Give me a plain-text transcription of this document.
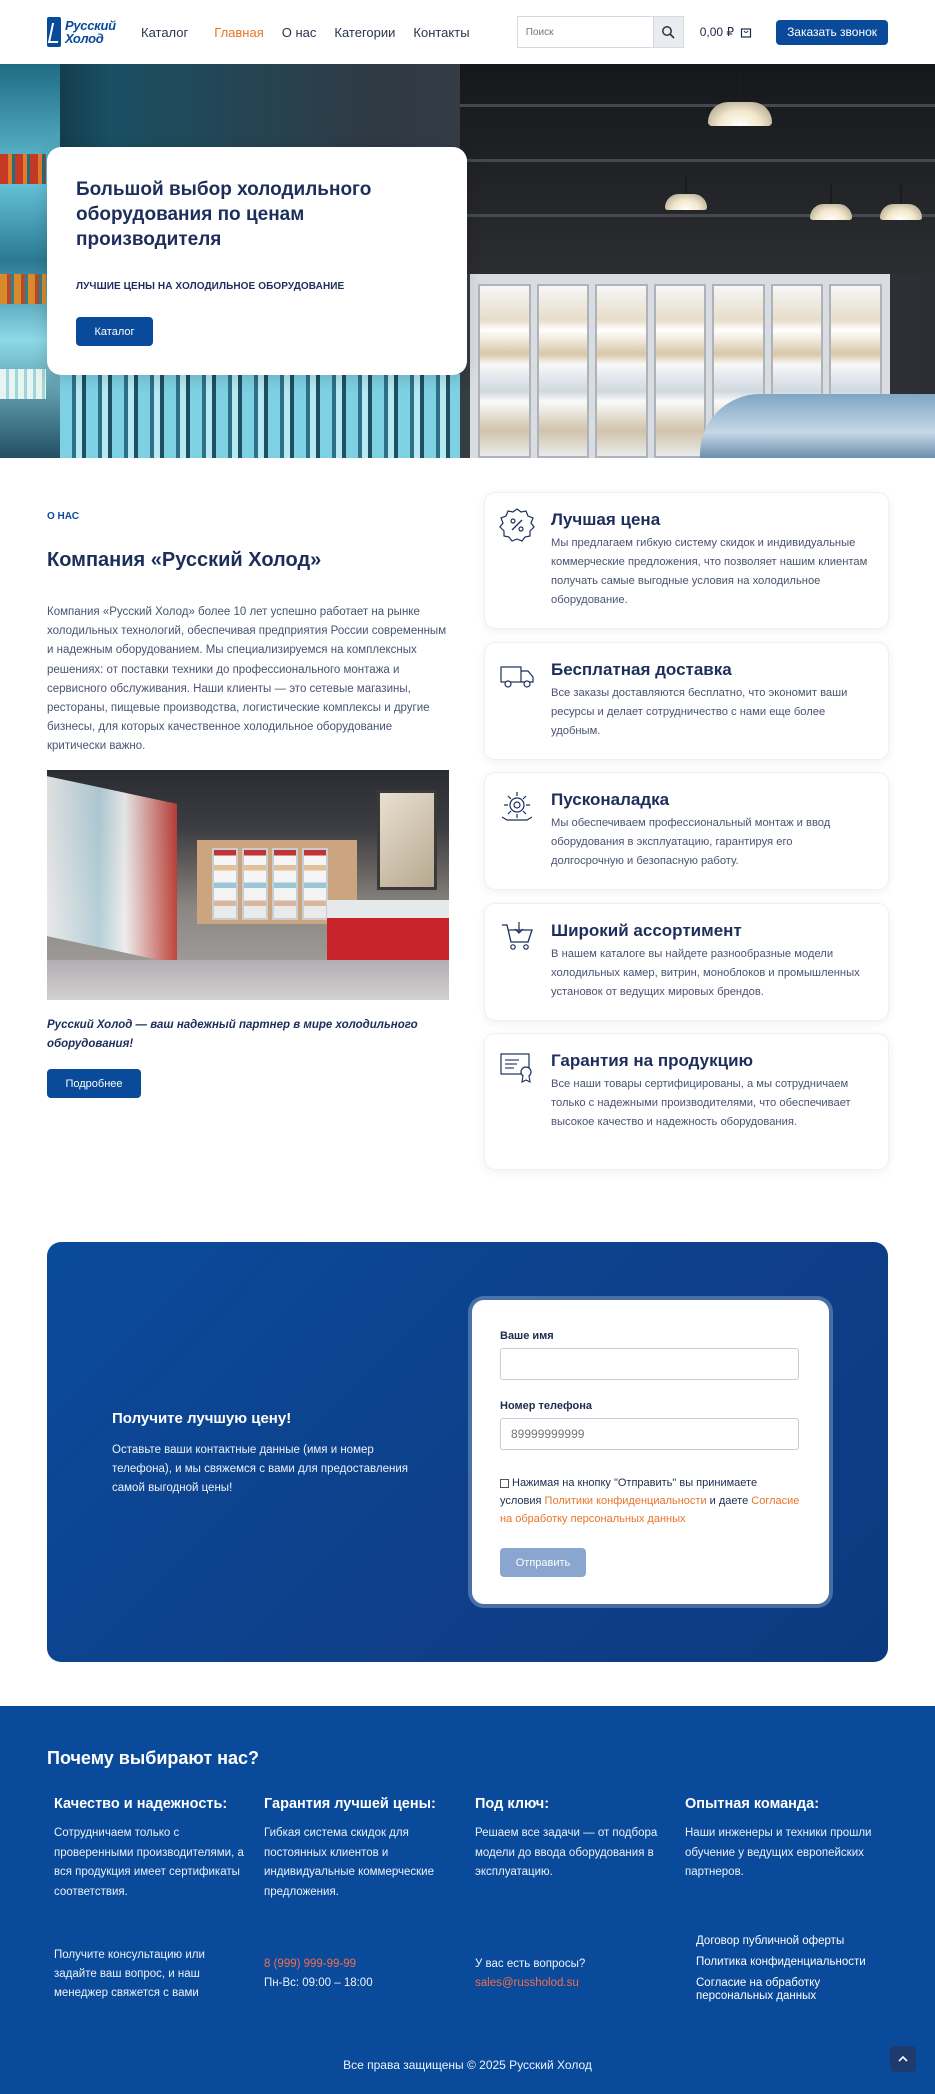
Русский
Холод	Каталог Главная О нас Категории Контакты
Поиск	0,00 ₽	Заказать звонок
Большой выбор холодильного оборудования по ценам производителя
ЛУЧШИЕ ЦЕНЫ НА ХОЛОДИЛЬНОЕ ОБОРУДОВАНИЕ
Каталог
О НАС
Компания «Русский Холод»
Компания «Русский Холод» более 10 лет успешно работает на рынке холодильных технологий, обеспечивая предприятия России современным и надежным оборудованием. Мы специализируемся на комплексных решениях: от поставки техники до профессионального монтажа и сервисного обслуживания. Наши клиенты — это сетевые магазины, рестораны, пищевые производства, логистические комплексы и другие бизнесы, для которых качественное холодильное оборудование критически важно.
Русский Холод — ваш надежный партнер в мире холодильного оборудования!
Подробнее
Лучшая цена

Мы предлагаем гибкую систему скидок и индивидуальные коммерческие предложения, что позволяет нашим клиентам получать самые выгодные условия на холодильное оборудование.

Бесплатная доставка

Все заказы доставляются бесплатно, что экономит ваши ресурсы и делает сотрудничество с нами еще более удобным.

Пусконаладка

Мы обеспечиваем профессиональный монтаж и ввод оборудования в эксплуатацию, гарантируя его долгосрочную и безопасную работу.

Широкий ассортимент

В нашем каталоге вы найдете разнообразные модели холодильных камер, витрин, моноблоков и промышленных установок от ведущих мировых брендов.

Гарантия на продукцию

Все наши товары сертифицированы, а мы сотрудничаем только с надежными производителями, что обеспечивает высокое качество и надежность оборудования.

Получите лучшую цену!
Оставьте ваши контактные данные (имя и номер телефона), и мы свяжемся с вами для предоставления самой выгодной цены!
Ваше имя
Номер телефона
89999999999
Нажимая на кнопку "Отправить" вы принимаете условия Политики конфиденциальности и даете Согласие на обработку персональных данных
Отправить
Почему выбирают нас?
Качество и надежность:

Сотрудничаем только с проверенными производителями, а вся продукция имеет сертификаты соответствия.

Гарантия лучшей цены:

Гибкая система скидок для постоянных клиентов и индивидуальные коммерческие предложения.

Под ключ:

Решаем все задачи — от подбора модели до ввода оборудования в эксплуатацию.

Опытная команда:

Наши инженеры и техники прошли обучение у ведущих европейских партнеров.

Получите консультацию или задайте ваш вопрос, и наш менеджер свяжется с вами
8 (999) 999-99-99
Пн-Вс: 09:00 – 18:00
У вас есть вопросы?
sales@russholod.su
Договор публичной оферты
Политика конфиденциальности
Согласие на обработку персональных данных
Все права защищены © 2025 Русский Холод
